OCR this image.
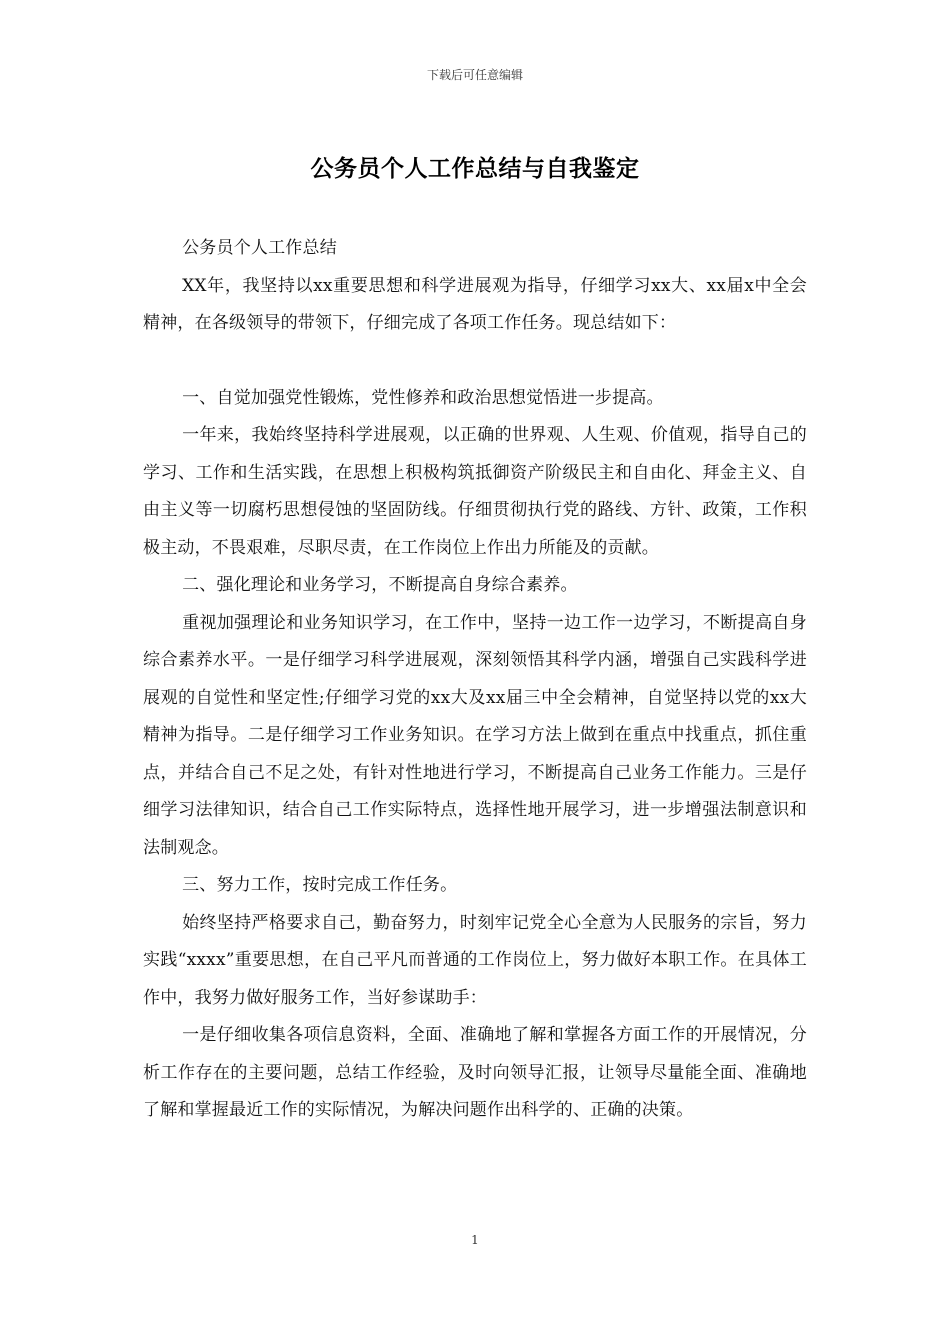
下载后可任意编辑
公务员个人工作总结与自我鉴定

公务员个人工作总结

XX年，我坚持以xx重要思想和科学进展观为指导，仔细学习xx大、xx届x中全会精神，在各级领导的带领下，仔细完成了各项工作任务。现总结如下：

一、自觉加强党性锻炼，党性修养和政治思想觉悟进一步提高。

一年来，我始终坚持科学进展观，以正确的世界观、人生观、价值观，指导自己的学习、工作和生活实践，在思想上积极构筑抵御资产阶级民主和自由化、拜金主义、自由主义等一切腐朽思想侵蚀的坚固防线。仔细贯彻执行党的路线、方针、政策，工作积极主动，不畏艰难，尽职尽责，在工作岗位上作出力所能及的贡献。

二、强化理论和业务学习，不断提高自身综合素养。

重视加强理论和业务知识学习，在工作中，坚持一边工作一边学习，不断提高自身综合素养水平。一是仔细学习科学进展观，深刻领悟其科学内涵，增强自己实践科学进展观的自觉性和坚定性;仔细学习党的xx大及xx届三中全会精神，自觉坚持以党的xx大精神为指导。二是仔细学习工作业务知识。在学习方法上做到在重点中找重点，抓住重点，并结合自己不足之处，有针对性地进行学习，不断提高自己业务工作能力。三是仔细学习法律知识，结合自己工作实际特点，选择性地开展学习，进一步增强法制意识和法制观念。

三、努力工作，按时完成工作任务。

始终坚持严格要求自己，勤奋努力，时刻牢记党全心全意为人民服务的宗旨，努力实践“xxxx”重要思想，在自己平凡而普通的工作岗位上，努力做好本职工作。在具体工作中，我努力做好服务工作，当好参谋助手：

一是仔细收集各项信息资料，全面、准确地了解和掌握各方面工作的开展情况，分析工作存在的主要问题，总结工作经验，及时向领导汇报，让领导尽量能全面、准确地了解和掌握最近工作的实际情况，为解决问题作出科学的、正确的决策。

1
